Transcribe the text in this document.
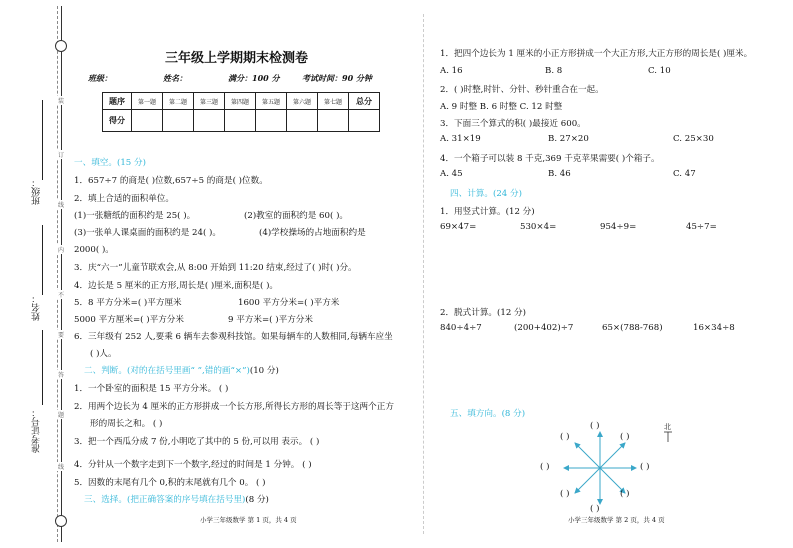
装
订
线
内
不
要
答
题
线
班级：
姓名：
准考证号：
三年级上学期期末检测卷
班级：	姓名：	满分：100 分	考试时间：90 分钟
题序	第一题	第二题	第三题	第四题	第五题	第六题	第七题	总分
得分								
一、填空。(15 分)
1．657÷7 的商是( )位数,657÷5 的商是( )位数。
2．填上合适的面积单位。
(1)一张糖纸的面积约是 25( )。	(2)教室的面积约是 60( )。
(3)一张单人课桌面的面积约是 24( )。	(4)学校操场的占地面积约是
2000( )。
3．庆“六一”儿童节联欢会,从 8:00 开始到 11:20 结束,经过了( )时( )分。
4．边长是 5 厘米的正方形,周长是( )厘米,面积是( )。
5．8 平方分米=( )平方厘米	1600 平方分米=( )平方米
5000 平方厘米=( )平方分米	9 平方米=( )平方分米
6．三年级有 252 人,要乘 6 辆车去参观科技馆。如果每辆车的人数相同,每辆车应坐
( )人。
二、判断。(对的在括号里画“ ”,错的画“×”)(10 分)
1．一个卧室的面积是 15 平方分米。 ( )
2．用两个边长为 4 厘米的正方形拼成一个长方形,所得长方形的周长等于这两个正方
形的周长之和。 ( )
3．把一个西瓜分成 7 份,小明吃了其中的 5 份,可以用 表示。 ( )
4．分针从一个数字走到下一个数字,经过的时间是 1 分钟。 ( )
5．因数的末尾有几个 0,积的末尾就有几个 0。 ( )
三、选择。(把正确答案的序号填在括号里)(8 分)
小学三年级数学 第 1 页，共 4 页
1．把四个边长为 1 厘米的小正方形拼成一个大正方形,大正方形的周长是( )厘米。
A. 16	B. 8	C. 10
2．( )时整,时针、分针、秒针重合在一起。
A. 9 时整 B. 6 时整 C. 12 时整
3．下面三个算式的积( )最接近 600。
A. 31×19	B. 27×20	C. 25×30
4．一个箱子可以装 8 千克,369 千克苹果需要( )个箱子。
A. 45	B. 46	C. 47
四、计算。(24 分)
1．用竖式计算。(12 分)
69×47=	530×4=	954÷9=	45÷7=
2．脱式计算。(12 分)
840÷4÷7	(200+402)÷7	65×(788-768)	16×34÷8
五、填方向。(8 分)
北
( )
( )	( )
( )	( )
( )	( )
( )
小学三年级数学 第 2 页，共 4 页
